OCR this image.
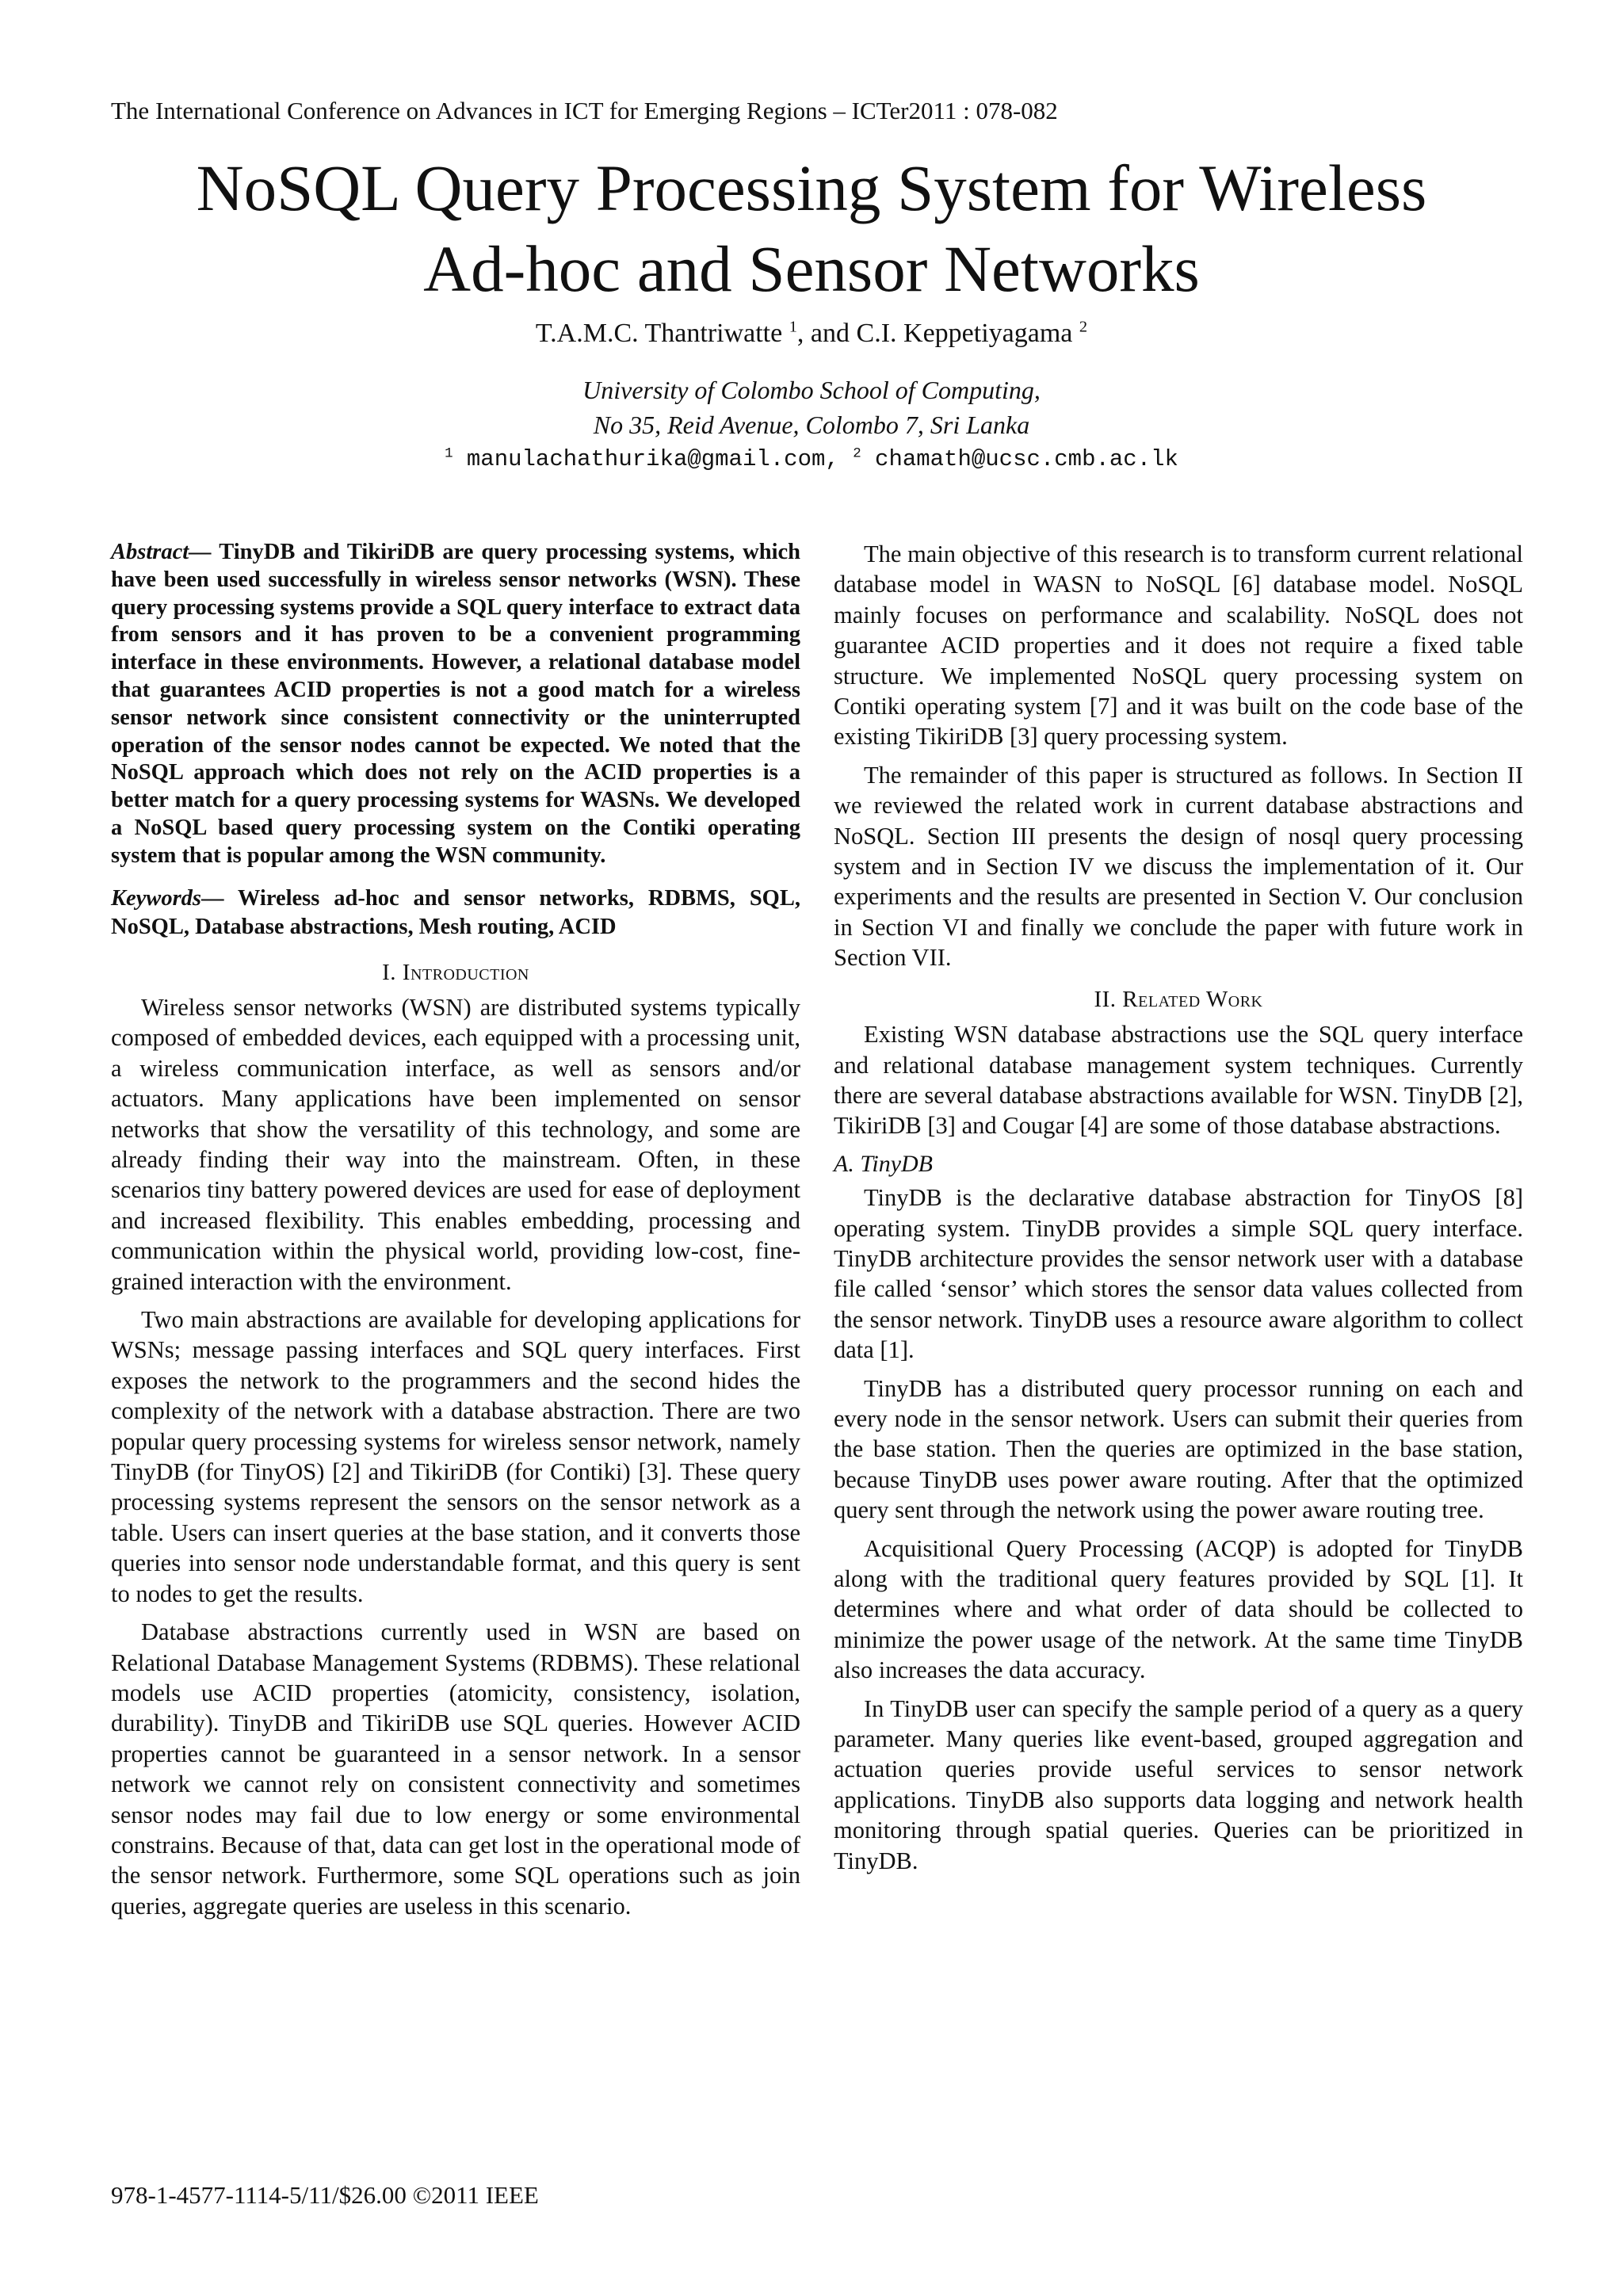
The International Conference on Advances in ICT for Emerging Regions – ICTer2011 : 078-082
NoSQL Query Processing System for Wireless
Ad-hoc and Sensor Networks
T.A.M.C. Thantriwatte $^1$, and C.I. Keppetiyagama $^2$
University of Colombo School of Computing,
No 35, Reid Avenue, Colombo 7, Sri Lanka
$^1$ manulachathurika@gmail.com, $^2$ chamath@ucsc.cmb.ac.lk

Abstract— TinyDB and TikiriDB are query processing systems, which have been used successfully in wireless sensor networks (WSN). These query processing systems provide a SQL query interface to extract data from sensors and it has proven to be a convenient programming interface in these environments. However, a relational database model that guarantees ACID properties is not a good match for a wireless sensor network since consistent connectivity or the uninterrupted operation of the sensor nodes cannot be expected. We noted that the NoSQL approach which does not rely on the ACID properties is a better match for a query processing systems for WASNs. We developed a NoSQL based query processing system on the Contiki operating system that is popular among the WSN community.

Keywords— Wireless ad-hoc and sensor networks, RDBMS, SQL, NoSQL, Database abstractions, Mesh routing, ACID

I. Introduction

Wireless sensor networks (WSN) are distributed systems typically composed of embedded devices, each equipped with a processing unit, a wireless communication interface, as well as sensors and/or actuators. Many applications have been implemented on sensor networks that show the versatility of this technology, and some are already finding their way into the mainstream. Often, in these scenarios tiny battery powered devices are used for ease of deployment and increased flexibility. This enables embedding, processing and communication within the physical world, providing low-cost, fine-grained interaction with the environment.

Two main abstractions are available for developing applications for WSNs; message passing interfaces and SQL query interfaces. First exposes the network to the programmers and the second hides the complexity of the network with a database abstraction. There are two popular query processing systems for wireless sensor network, namely TinyDB (for TinyOS) [2] and TikiriDB (for Contiki) [3]. These query processing systems represent the sensors on the sensor network as a table. Users can insert queries at the base station, and it converts those queries into sensor node understandable format, and this query is sent to nodes to get the results.

Database abstractions currently used in WSN are based on Relational Database Management Systems (RDBMS). These relational models use ACID properties (atomicity, consistency, isolation, durability). TinyDB and TikiriDB use SQL queries. However ACID properties cannot be guaranteed in a sensor network. In a sensor network we cannot rely on consistent connectivity and sometimes sensor nodes may fail due to low energy or some environmental constrains. Because of that, data can get lost in the operational mode of the sensor network. Furthermore, some SQL operations such as join queries, aggregate queries are useless in this scenario.

The main objective of this research is to transform current relational database model in WASN to NoSQL [6] database model. NoSQL mainly focuses on performance and scalability. NoSQL does not guarantee ACID properties and it does not require a fixed table structure. We implemented NoSQL query processing system on Contiki operating system [7] and it was built on the code base of the existing TikiriDB [3] query processing system.

The remainder of this paper is structured as follows. In Section II we reviewed the related work in current database abstractions and NoSQL. Section III presents the design of nosql query processing system and in Section IV we discuss the implementation of it. Our experiments and the results are presented in Section V. Our conclusion in Section VI and finally we conclude the paper with future work in Section VII.

II. Related Work

Existing WSN database abstractions use the SQL query interface and relational database management system techniques. Currently there are several database abstractions available for WSN. TinyDB [2], TikiriDB [3] and Cougar [4] are some of those database abstractions.

A. TinyDB

TinyDB is the declarative database abstraction for TinyOS [8] operating system. TinyDB provides a simple SQL query interface. TinyDB architecture provides the sensor network user with a database file called ‘sensor’ which stores the sensor data values collected from the sensor network. TinyDB uses a resource aware algorithm to collect data [1].

TinyDB has a distributed query processor running on each and every node in the sensor network. Users can submit their queries from the base station. Then the queries are optimized in the base station, because TinyDB uses power aware routing. After that the optimized query sent through the network using the power aware routing tree.

Acquisitional Query Processing (ACQP) is adopted for TinyDB along with the traditional query features provided by SQL [1]. It determines where and what order of data should be collected to minimize the power usage of the network. At the same time TinyDB also increases the data accuracy.

In TinyDB user can specify the sample period of a query as a query parameter. Many queries like event-based, grouped aggregation and actuation queries provide useful services to sensor network applications. TinyDB also supports data logging and network health monitoring through spatial queries. Queries can be prioritized in TinyDB.

978-1-4577-1114-5/11/$26.00 ©2011 IEEE
